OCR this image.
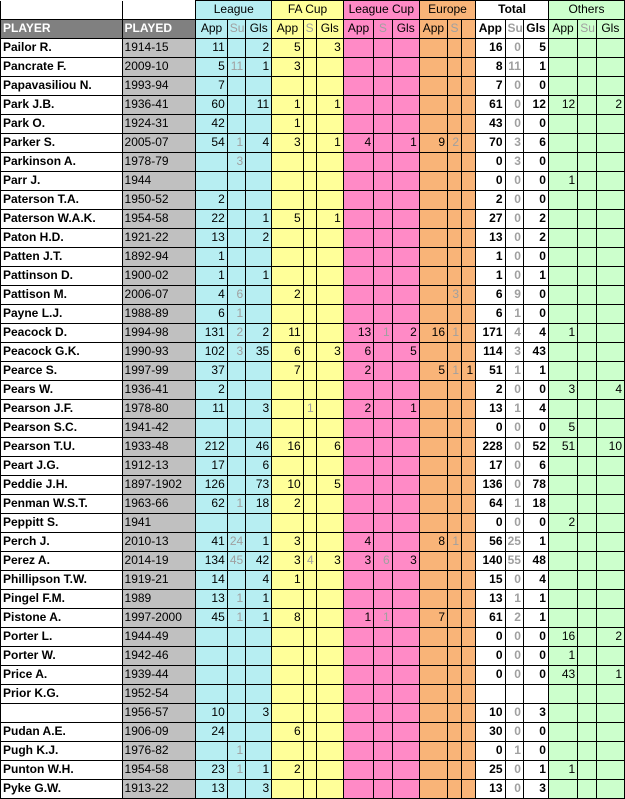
		League			FA Cup			League Cup			Europe			Total			Others		
PLAYER	PLAYED	App	Su	Gls	App	S	Gls	App	S	Gls	App	S		App	Su	Gls	App	Su	Gls
Pailor R.	1914-15	11		2	5		3							16	0	5			
Pancrate F.	2009-10	5	11	1	3									8	11	1			
Papavasiliou N.	1993-94	7												7	0	0			
Park J.B.	1936-41	60		11	1		1							61	0	12	12		2
Park O.	1924-31	42			1									43	0	0			
Parker S.	2005-07	54	1	4	3		1	4		1	9	2		70	3	6			
Parkinson A.	1978-79		3											0	3	0			
Parr J.	1944													0	0	0	1		
Paterson T.A.	1950-52	2												2	0	0			
Paterson W.A.K.	1954-58	22		1	5		1							27	0	2			
Paton H.D.	1921-22	13		2										13	0	2			
Patten J.T.	1892-94	1												1	0	0			
Pattinson D.	1900-02	1		1										1	0	1			
Pattison M.	2006-07	4	6		2							3		6	9	0			
Payne L.J.	1988-89	6	1											6	1	0			
Peacock D.	1994-98	131	2	2	11			13	1	2	16	1		171	4	4	1		
Peacock G.K.	1990-93	102	3	35	6		3	6		5				114	3	43			
Pearce S.	1997-99	37			7			2			5	1	1	51	1	1			
Pears W.	1936-41	2												2	0	0	3		4
Pearson J.F.	1978-80	11		3		1		2		1				13	1	4			
Pearson S.C.	1941-42													0	0	0	5		
Pearson T.U.	1933-48	212		46	16		6							228	0	52	51		10
Peart J.G.	1912-13	17		6										17	0	6			
Peddie J.H.	1897-1902	126		73	10		5							136	0	78			
Penman W.S.T.	1963-66	62	1	18	2									64	1	18			
Peppitt S.	1941													0	0	0	2		
Perch J.	2010-13	41	24	1	3			4			8	1		56	25	1			
Perez A.	2014-19	134	45	42	3	4	3	3	6	3				140	55	48			
Phillipson T.W.	1919-21	14		4	1									15	0	4			
Pingel F.M.	1989	13	1	1										13	1	1			
Pistone A.	1997-2000	45	1	1	8			1	1		7			61	2	1			
Porter L.	1944-49													0	0	0	16		2
Porter W.	1942-46													0	0	0	1		
Price A.	1939-44													0	0	0	43		1
Prior K.G.	1952-54																		
	1956-57	10		3										10	0	3			
Pudan A.E.	1906-09	24			6									30	0	0			
Pugh K.J.	1976-82		1											0	1	0			
Punton W.H.	1954-58	23	1	1	2									25	0	1	1		
Pyke G.W.	1913-22	13		3										13	0	3			
